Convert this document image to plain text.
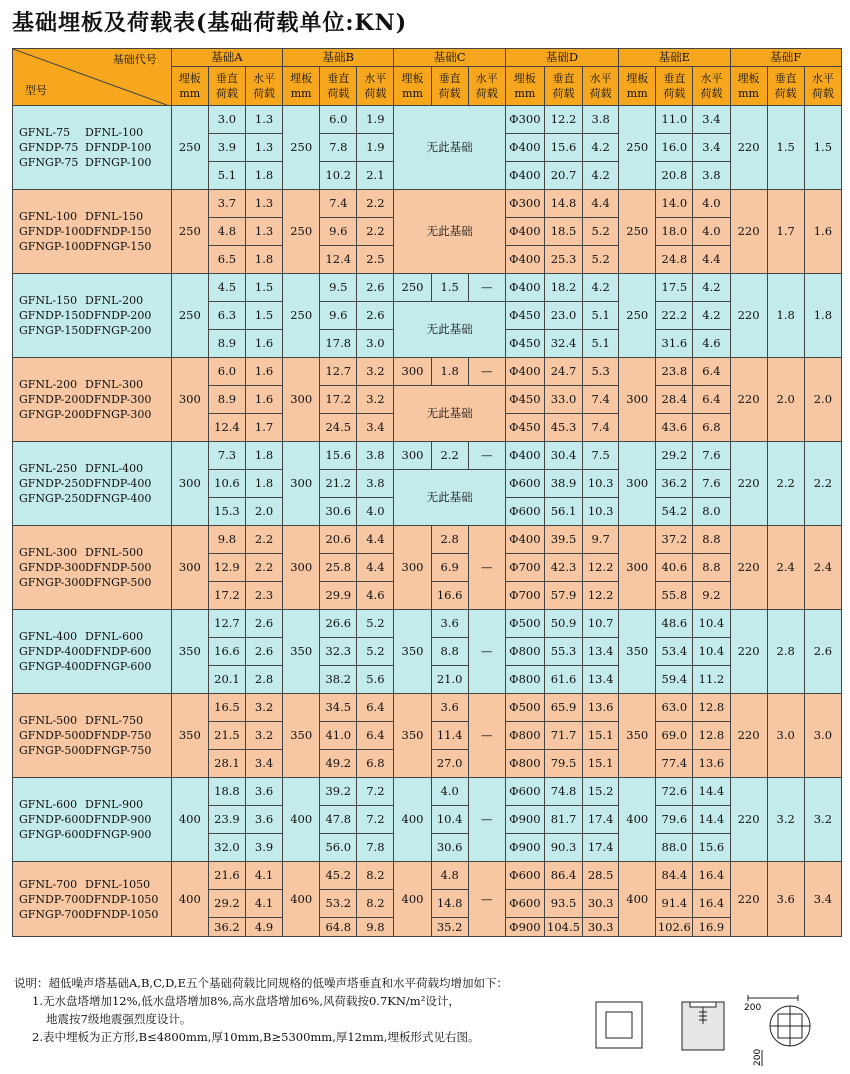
基础埋板及荷载表(基础荷载单位:KN)
基础代号
型号	基础A			基础B			基础C			基础D			基础E			基础F		
	埋板 mm	垂直 荷载	水平 荷载	埋板 mm	垂直 荷载	水平 荷载	埋板 mm	垂直 荷载	水平 荷载	埋板 mm	垂直 荷载	水平 荷载	埋板 mm	垂直 荷载	水平 荷载	埋板 mm	垂直 荷载	水平 荷载

GFNL-75 DFNL-100
GFNDP-75 DFNDP-100
GFNGP-75 DFNGP-100	250	3.0	1.3	250	6.0	1.9	无此基础			Φ300	12.2	3.8	250	11.0	3.4	220	1.5	1.5
		3.9	1.3		7.8	1.9				Φ400	15.6	4.2		16.0	3.4			
		5.1	1.8		10.2	2.1				Φ400	20.7	4.2		20.8	3.8			

GFNL-100 DFNL-150
GFNDP-100DFNDP-150
GFNGP-100DFNGP-150	250	3.7	1.3	250	7.4	2.2	无此基础			Φ300	14.8	4.4	250	14.0	4.0	220	1.7	1.6
		4.8	1.3		9.6	2.2				Φ400	18.5	5.2		18.0	4.0			
		6.5	1.8		12.4	2.5				Φ400	25.3	5.2		24.8	4.4			

GFNL-150 DFNL-200
GFNDP-150DFNDP-200
GFNGP-150DFNGP-200	250	4.5	1.5	250	9.5	2.6	250	1.5	—	Φ400	18.2	4.2	250	17.5	4.2	220	1.8	1.8
		6.3	1.5		9.6	2.6	无此基础			Φ450	23.0	5.1		22.2	4.2			
		8.9	1.6		17.8	3.0				Φ450	32.4	5.1		31.6	4.6			

GFNL-200 DFNL-300
GFNDP-200DFNDP-300
GFNGP-200DFNGP-300	300	6.0	1.6	300	12.7	3.2	300	1.8	—	Φ400	24.7	5.3	300	23.8	6.4	220	2.0	2.0
		8.9	1.6		17.2	3.2	无此基础			Φ450	33.0	7.4		28.4	6.4			
		12.4	1.7		24.5	3.4				Φ450	45.3	7.4		43.6	6.8			

GFNL-250 DFNL-400
GFNDP-250DFNDP-400
GFNGP-250DFNGP-400	300	7.3	1.8	300	15.6	3.8	300	2.2	—	Φ400	30.4	7.5	300	29.2	7.6	220	2.2	2.2
		10.6	1.8		21.2	3.8	无此基础			Φ600	38.9	10.3		36.2	7.6			
		15.3	2.0		30.6	4.0				Φ600	56.1	10.3		54.2	8.0			

GFNL-300 DFNL-500
GFNDP-300DFNDP-500
GFNGP-300DFNGP-500	300	9.8	2.2	300	20.6	4.4	300	2.8	—	Φ400	39.5	9.7	300	37.2	8.8	220	2.4	2.4
		12.9	2.2		25.8	4.4		6.9		Φ700	42.3	12.2		40.6	8.8			
		17.2	2.3		29.9	4.6		16.6		Φ700	57.9	12.2		55.8	9.2			

GFNL-400 DFNL-600
GFNDP-400DFNDP-600
GFNGP-400DFNGP-600	350	12.7	2.6	350	26.6	5.2	350	3.6	—	Φ500	50.9	10.7	350	48.6	10.4	220	2.8	2.6
		16.6	2.6		32.3	5.2		8.8		Φ800	55.3	13.4		53.4	10.4			
		20.1	2.8		38.2	5.6		21.0		Φ800	61.6	13.4		59.4	11.2			

GFNL-500 DFNL-750
GFNDP-500DFNDP-750
GFNGP-500DFNGP-750	350	16.5	3.2	350	34.5	6.4	350	3.6	—	Φ500	65.9	13.6	350	63.0	12.8	220	3.0	3.0
		21.5	3.2		41.0	6.4		11.4		Φ800	71.7	15.1		69.0	12.8			
		28.1	3.4		49.2	6.8		27.0		Φ800	79.5	15.1		77.4	13.6			

GFNL-600 DFNL-900
GFNDP-600DFNDP-900
GFNGP-600DFNGP-900	400	18.8	3.6	400	39.2	7.2	400	4.0	—	Φ600	74.8	15.2	400	72.6	14.4	220	3.2	3.2
		23.9	3.6		47.8	7.2		10.4		Φ900	81.7	17.4		79.6	14.4			
		32.0	3.9		56.0	7.8		30.6		Φ900	90.3	17.4		88.0	15.6			

GFNL-700 DFNL-1050
GFNDP-700DFNDP-1050
GFNGP-700DFNDP-1050	400	21.6	4.1	400	45.2	8.2	400	4.8	—	Φ600	86.4	28.5	400	84.4	16.4	220	3.6	3.4
		29.2	4.1		53.2	8.2		14.8		Φ600	93.5	30.3		91.4	16.4			
		36.2	4.9		64.8	9.8		35.2		Φ900	104.5	30.3		102.6	16.9			
说明：超低噪声塔基础A,B,C,D,E五个基础荷载比同规格的低噪声塔垂直和水平荷载均增加如下：
1.无水盘塔增加12%,低水盘塔增加8%,高水盘塔增加6%,风荷载按0.7KN/m²设计，
地震按7级地震强烈度设计。
2.表中埋板为正方形,B≤4800mm,厚10mm,B≥5300mm,厚12mm,埋板形式见右图。
200
200
